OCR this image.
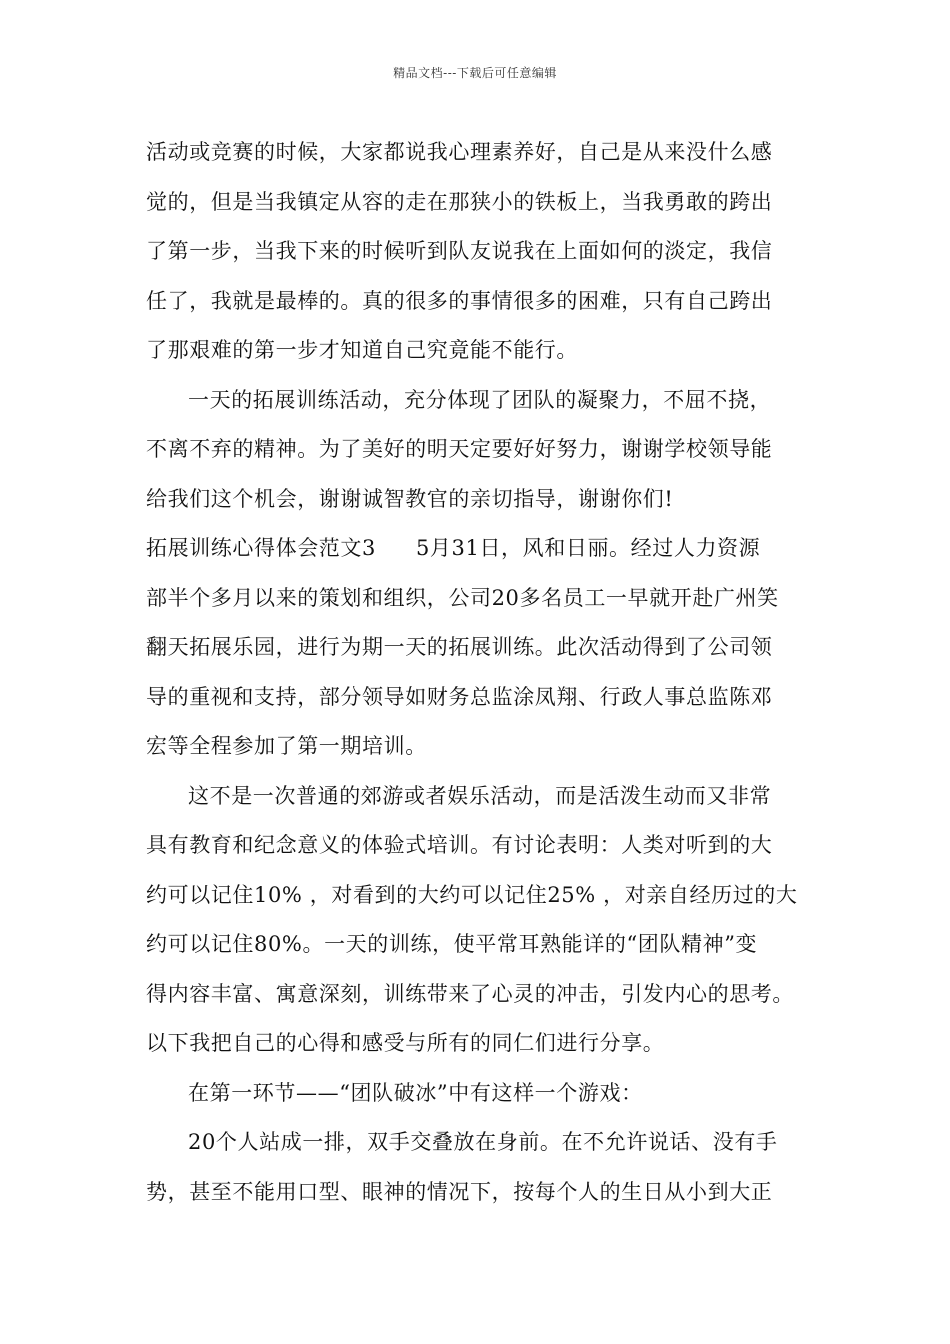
精品文档---下载后可任意编辑
活动或竞赛的时候，大家都说我心理素养好，自己是从来没什么感
觉的，但是当我镇定从容的走在那狭小的铁板上，当我勇敢的跨出
了第一步，当我下来的时候听到队友说我在上面如何的淡定，我信
任了，我就是最棒的。真的很多的事情很多的困难，只有自己跨出
了那艰难的第一步才知道自己究竟能不能行。
一天的拓展训练活动，充分体现了团队的凝聚力，不屈不挠，
不离不弃的精神。为了美好的明天定要好好努力，谢谢学校领导能
给我们这个机会，谢谢诚智教官的亲切指导，谢谢你们!
拓展训练心得体会范文3 5月31日，风和日丽。经过人力资源
部半个多月以来的策划和组织，公司20多名员工一早就开赴广州笑
翻天拓展乐园，进行为期一天的拓展训练。此次活动得到了公司领
导的重视和支持，部分领导如财务总监涂凤翔、行政人事总监陈邓
宏等全程参加了第一期培训。
这不是一次普通的郊游或者娱乐活动，而是活泼生动而又非常
具有教育和纪念意义的体验式培训。有讨论表明：人类对听到的大
约可以记住10% ，对看到的大约可以记住25% ，对亲自经历过的大
约可以记住80%。一天的训练，使平常耳熟能详的“团队精神”变
得内容丰富、寓意深刻，训练带来了心灵的冲击，引发内心的思考。
以下我把自己的心得和感受与所有的同仁们进行分享。
在第一环节——“团队破冰”中有这样一个游戏：
20个人站成一排，双手交叠放在身前。在不允许说话、没有手
势，甚至不能用口型、眼神的情况下，按每个人的生日从小到大正
